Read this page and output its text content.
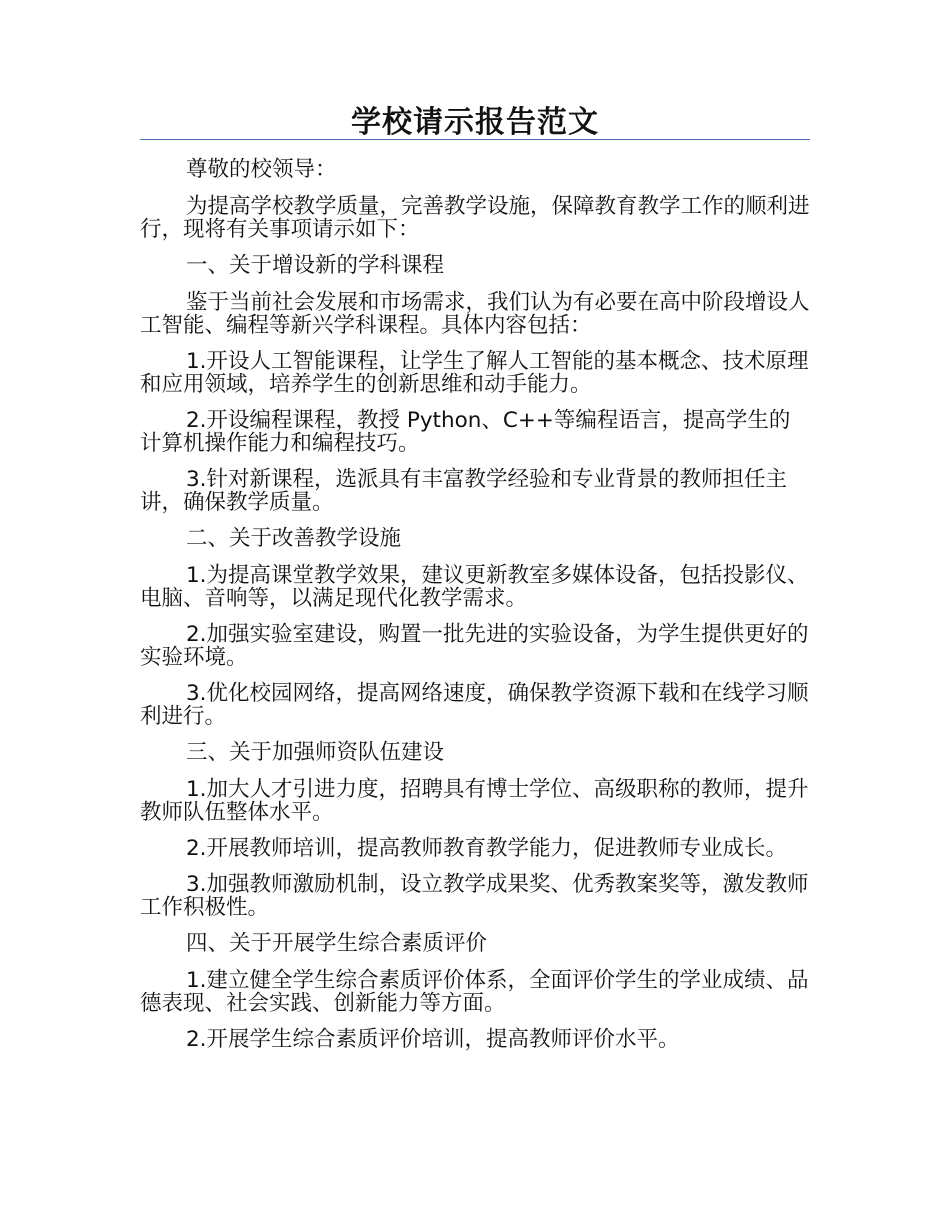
学校请示报告范文

尊敬的校领导：

为提高学校教学质量，完善教学设施，保障教育教学工作的顺利进行，现将有关事项请示如下：

一、关于增设新的学科课程

鉴于当前社会发展和市场需求，我们认为有必要在高中阶段增设人工智能、编程等新兴学科课程。具体内容包括：

1.开设人工智能课程，让学生了解人工智能的基本概念、技术原理和应用领域，培养学生的创新思维和动手能力。

2.开设编程课程，教授 Python、C++等编程语言，提高学生的计算机操作能力和编程技巧。

3.针对新课程，选派具有丰富教学经验和专业背景的教师担任主讲，确保教学质量。

二、关于改善教学设施

1.为提高课堂教学效果，建议更新教室多媒体设备，包括投影仪、电脑、音响等，以满足现代化教学需求。

2.加强实验室建设，购置一批先进的实验设备，为学生提供更好的实验环境。

3.优化校园网络，提高网络速度，确保教学资源下载和在线学习顺利进行。

三、关于加强师资队伍建设

1.加大人才引进力度，招聘具有博士学位、高级职称的教师，提升教师队伍整体水平。

2.开展教师培训，提高教师教育教学能力，促进教师专业成长。

3.加强教师激励机制，设立教学成果奖、优秀教案奖等，激发教师工作积极性。

四、关于开展学生综合素质评价

1.建立健全学生综合素质评价体系，全面评价学生的学业成绩、品德表现、社会实践、创新能力等方面。

2.开展学生综合素质评价培训，提高教师评价水平。
